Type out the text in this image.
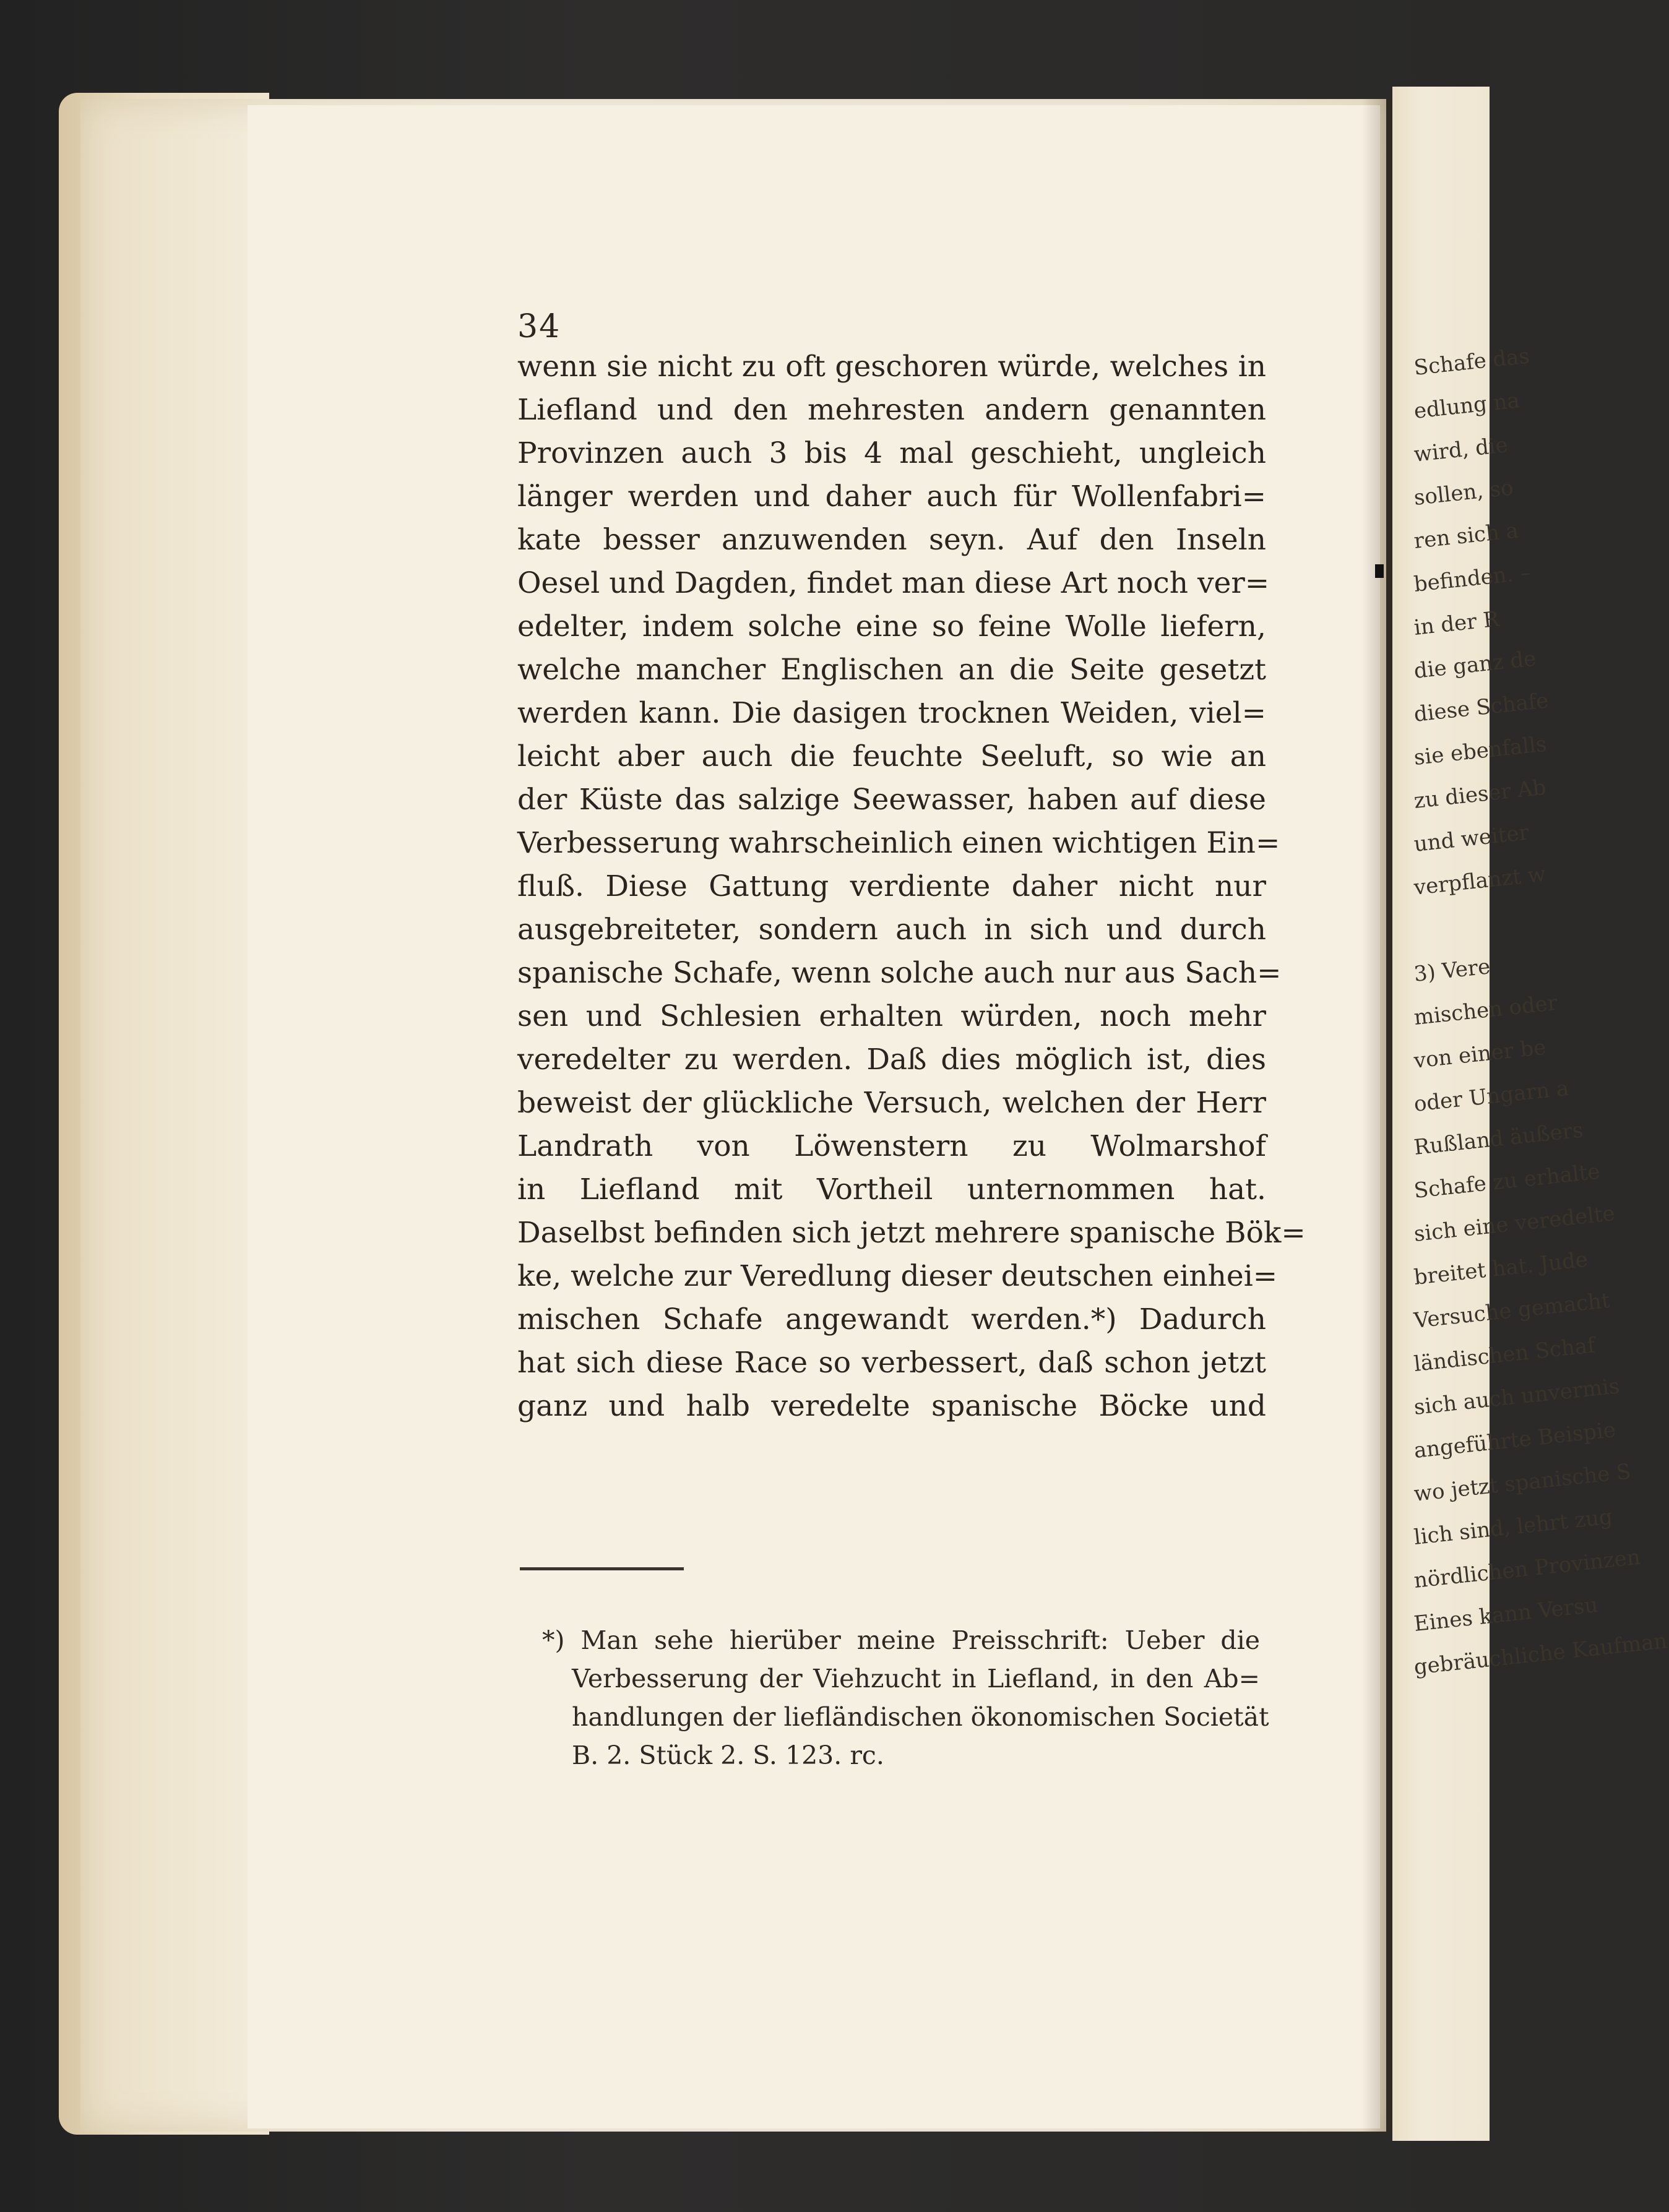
34
wenn sie nicht zu oft geschoren würde, welches in
Liefland und den mehresten andern genannten
Provinzen auch 3 bis 4 mal geschieht, ungleich
länger werden und daher auch für Wollenfabri=
kate besser anzuwenden seyn. Auf den Inseln
Oesel und Dagden, findet man diese Art noch ver=
edelter, indem solche eine so feine Wolle liefern,
welche mancher Englischen an die Seite gesetzt
werden kann. Die dasigen trocknen Weiden, viel=
leicht aber auch die feuchte Seeluft, so wie an
der Küste das salzige Seewasser, haben auf diese
Verbesserung wahrscheinlich einen wichtigen Ein=
fluß. Diese Gattung verdiente daher nicht nur
ausgebreiteter, sondern auch in sich und durch
spanische Schafe, wenn solche auch nur aus Sach=
sen und Schlesien erhalten würden, noch mehr
veredelter zu werden. Daß dies möglich ist, dies
beweist der glückliche Versuch, welchen der Herr
Landrath von Löwenstern zu Wolmarshof
in Liefland mit Vortheil unternommen hat.
Daselbst befinden sich jetzt mehrere spanische Bök=
ke, welche zur Veredlung dieser deutschen einhei=
mischen Schafe angewandt werden.*) Dadurch
hat sich diese Race so verbessert, daß schon jetzt
ganz und halb veredelte spanische Böcke und
*) Man sehe hierüber meine Preisschrift: Ueber die
Verbesserung der Viehzucht in Liefland, in den Ab=
handlungen der liefländischen ökonomischen Societät
B. 2. Stück 2. S. 123. rc.
Schafe das
edlung na
wird, die
sollen, so
ren sich a
befinden. –
in der R
die ganz de
diese Schafe
sie ebenfalls
zu dieser Ab
und weiter
verpflanzt w
3) Vere
mischen oder
von einer be
oder Ungarn a
Rußland äußers
Schafe zu erhalte
sich eine veredelte
breitet hat. Jude
Versuche gemacht
ländischen Schaf
sich auch unvermis
angeführte Beispie
wo jetzt spanische S
lich sind, lehrt zug
nördlichen Provinzen
Eines kann Versu
gebräuchliche Kaufman
